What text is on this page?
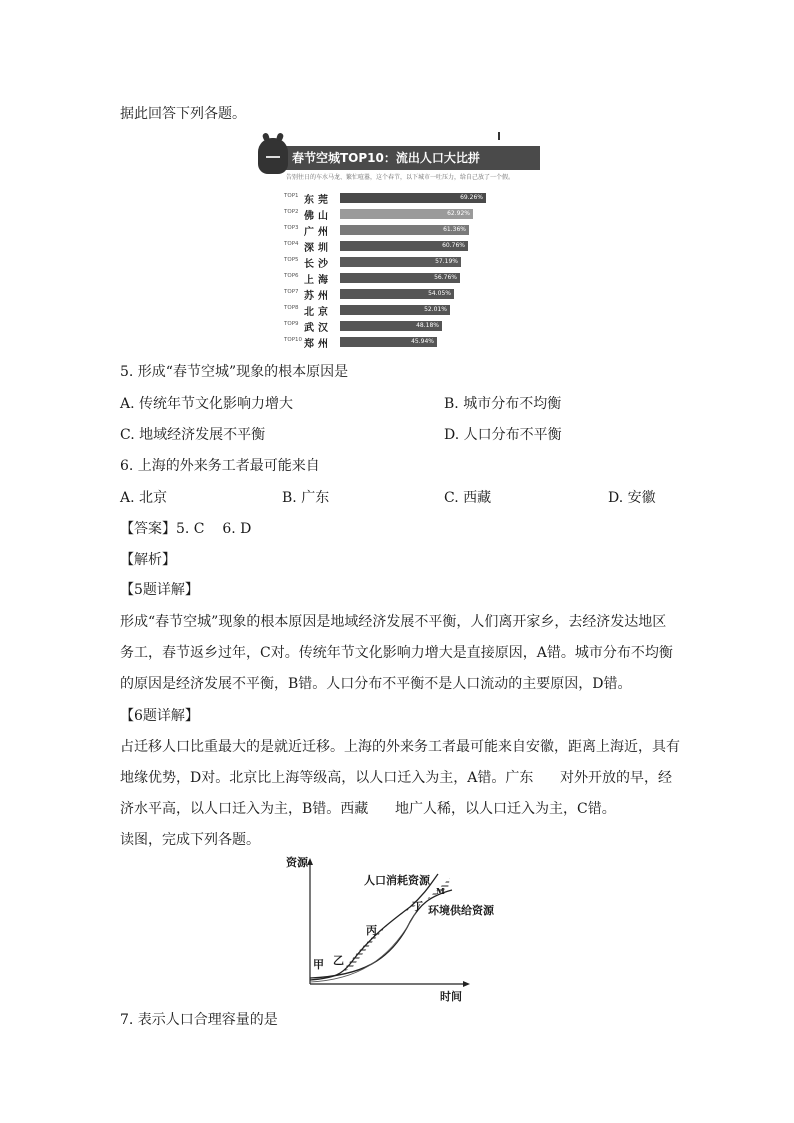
据此回答下列各题。
春节空城TOP10：流出人口大比拼
告别往日的车水马龙、繁忙喧嚣，这个春节，以下城市一吐压力，给自己放了一个假。
TOP1 东莞	69.26%
TOP2 佛山	62.92%
TOP3 广州	61.36%
TOP4 深圳	60.76%
TOP5 长沙	57.19%
TOP6 上海	56.76%
TOP7 苏州	54.05%
TOP8 北京	52.01%
TOP9 武汉	48.18%
TOP10 郑州	45.94%
5. 形成“春节空城”现象的根本原因是
A. 传统年节文化影响力增大	B. 城市分布不均衡
C. 地域经济发展不平衡	D. 人口分布不平衡
6. 上海的外来务工者最可能来自
A. 北京	B. 广东	C. 西藏	D. 安徽
【答案】5. C    6. D
【解析】
【5题详解】
形成“春节空城”现象的根本原因是地域经济发展不平衡，人们离开家乡，去经济发达地区
务工，春节返乡过年，C对。传统年节文化影响力增大是直接原因，A错。城市分布不均衡
的原因是经济发展不平衡，B错。人口分布不平衡不是人口流动的主要原因，D错。
【6题详解】
占迁移人口比重最大的是就近迁移。上海的外来务工者最可能来自安徽，距离上海近，具有
地缘优势，D对。北京比上海等级高，以人口迁入为主，A错。广东      对外开放的早，经
济水平高，以人口迁入为主，B错。西藏      地广人稀，以人口迁入为主，C错。
读图，完成下列各题。
资源
时间
人口消耗资源
环境供给资源
甲 乙
丙
丁
M
7. 表示人口合理容量的是
